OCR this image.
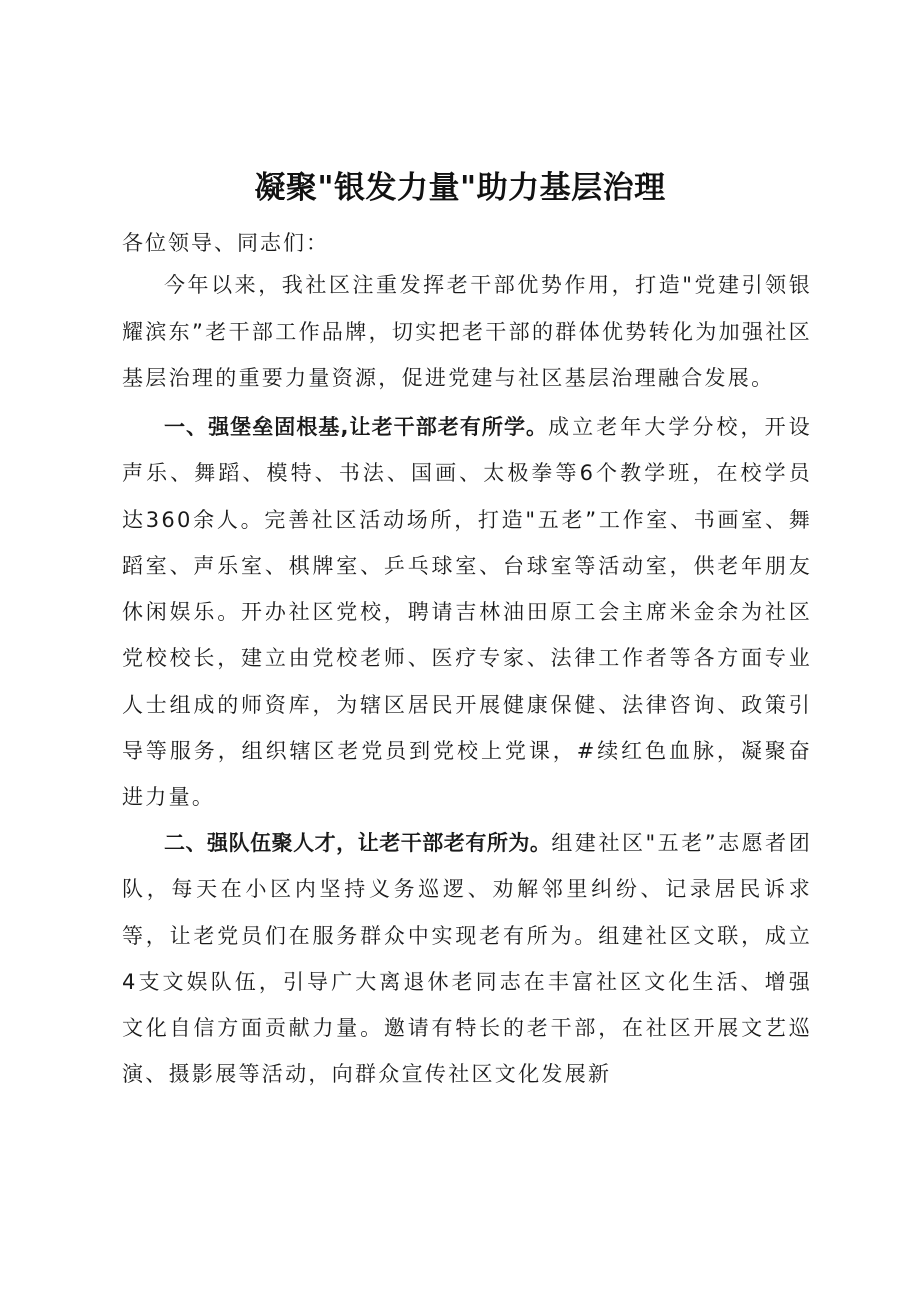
凝聚"银发力量"助力基层治理
各位领导、同志们：

今年以来，我社区注重发挥老干部优势作用，打造"党建引领银耀滨东”老干部工作品牌，切实把老干部的群体优势转化为加强社区基层治理的重要力量资源，促进党建与社区基层治理融合发展。

一、强堡垒固根基,让老干部老有所学。成立老年大学分校，开设声乐、舞蹈、模特、书法、国画、太极拳等6个教学班，在校学员达360余人。完善社区活动场所，打造"五老”工作室、书画室、舞蹈室、声乐室、棋牌室、乒乓球室、台球室等活动室，供老年朋友休闲娱乐。开办社区党校，聘请吉林油田原工会主席米金余为社区党校校长，建立由党校老师、医疗专家、法律工作者等各方面专业人士组成的师资库，为辖区居民开展健康保健、法律咨询、政策引导等服务，组织辖区老党员到党校上党课，#续红色血脉，凝聚奋进力量。

二、强队伍聚人才，让老干部老有所为。组建社区"五老”志愿者团队，每天在小区内坚持义务巡逻、劝解邻里纠纷、记录居民诉求等，让老党员们在服务群众中实现老有所为。组建社区文联，成立4支文娱队伍，引导广大离退休老同志在丰富社区文化生活、增强文化自信方面贡献力量。邀请有特长的老干部，在社区开展文艺巡演、摄影展等活动，向群众宣传社区文化发展新
